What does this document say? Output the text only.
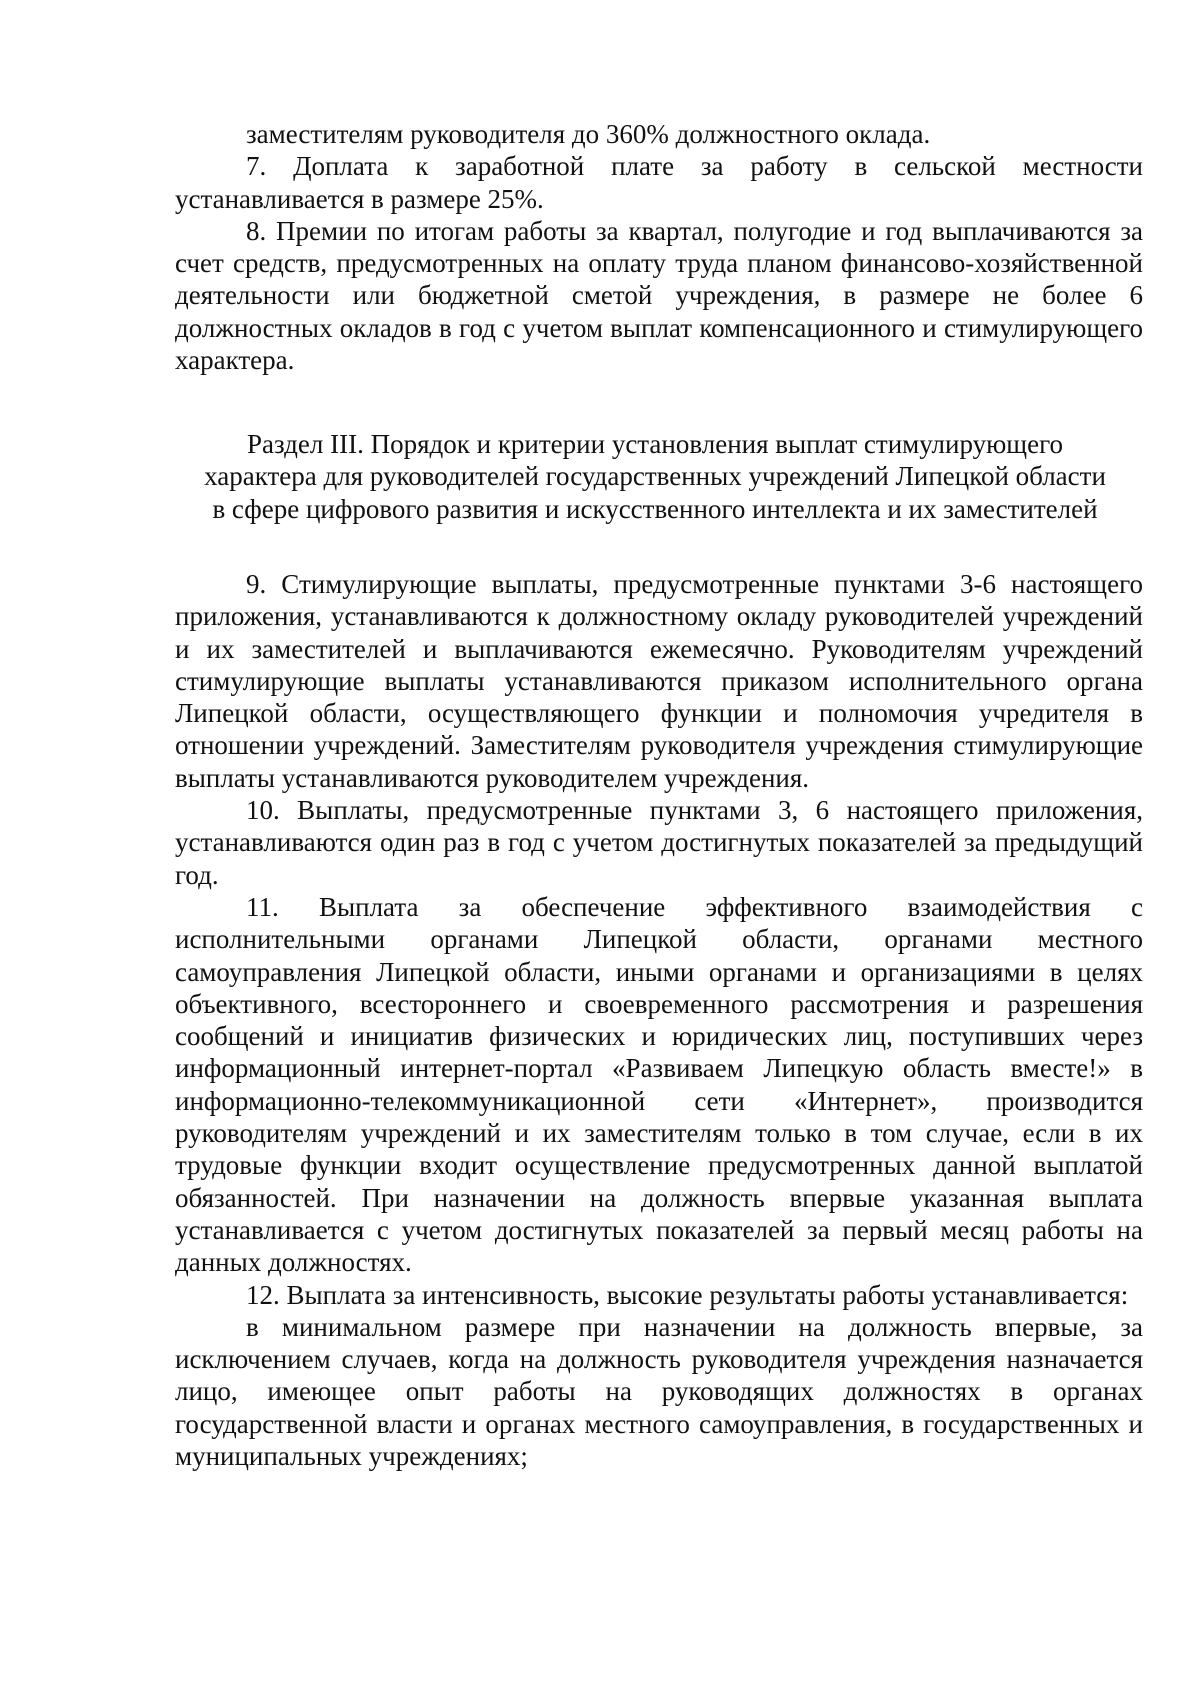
заместителям руководителя до 360% должностного оклада.

7. Доплата к заработной плате за работу в сельской местности устанавливается в размере 25%.

8. Премии по итогам работы за квартал, полугодие и год выплачиваются за счет средств, предусмотренных на оплату труда планом финансово-хозяйственной деятельности или бюджетной сметой учреждения, в размере не более 6 должностных окладов в год с учетом выплат компенсационного и стимулирующего характера.

Раздел III. Порядок и критерии установления выплат стимулирующего
характера для руководителей государственных учреждений Липецкой области
в сфере цифрового развития и искусственного интеллекта и их заместителей

9. Стимулирующие выплаты, предусмотренные пунктами 3-6 настоящего приложения, устанавливаются к должностному окладу руководителей учреждений и их заместителей и выплачиваются ежемесячно. Руководителям учреждений стимулирующие выплаты устанавливаются приказом исполнительного органа Липецкой области, осуществляющего функции и полномочия учредителя в отношении учреждений. Заместителям руководителя учреждения стимулирующие выплаты устанавливаются руководителем учреждения.

10. Выплаты, предусмотренные пунктами 3, 6 настоящего приложения, устанавливаются один раз в год с учетом достигнутых показателей за предыдущий год.

11. Выплата за обеспечение эффективного взаимодействия с исполнительными органами Липецкой области, органами местного самоуправления Липецкой области, иными органами и организациями в целях объективного, всестороннего и своевременного рассмотрения и разрешения сообщений и инициатив физических и юридических лиц, поступивших через информационный интернет-портал «Развиваем Липецкую область вместе!» в информационно-телекоммуникационной сети «Интернет», производится руководителям учреждений и их заместителям только в том случае, если в их трудовые функции входит осуществление предусмотренных данной выплатой обязанностей. При назначении на должность впервые указанная выплата устанавливается с учетом достигнутых показателей за первый месяц работы на данных должностях.

12. Выплата за интенсивность, высокие результаты работы устанавливается:

в минимальном размере при назначении на должность впервые, за исключением случаев, когда на должность руководителя учреждения назначается лицо, имеющее опыт работы на руководящих должностях в органах государственной власти и органах местного самоуправления, в государственных и муниципальных учреждениях;
